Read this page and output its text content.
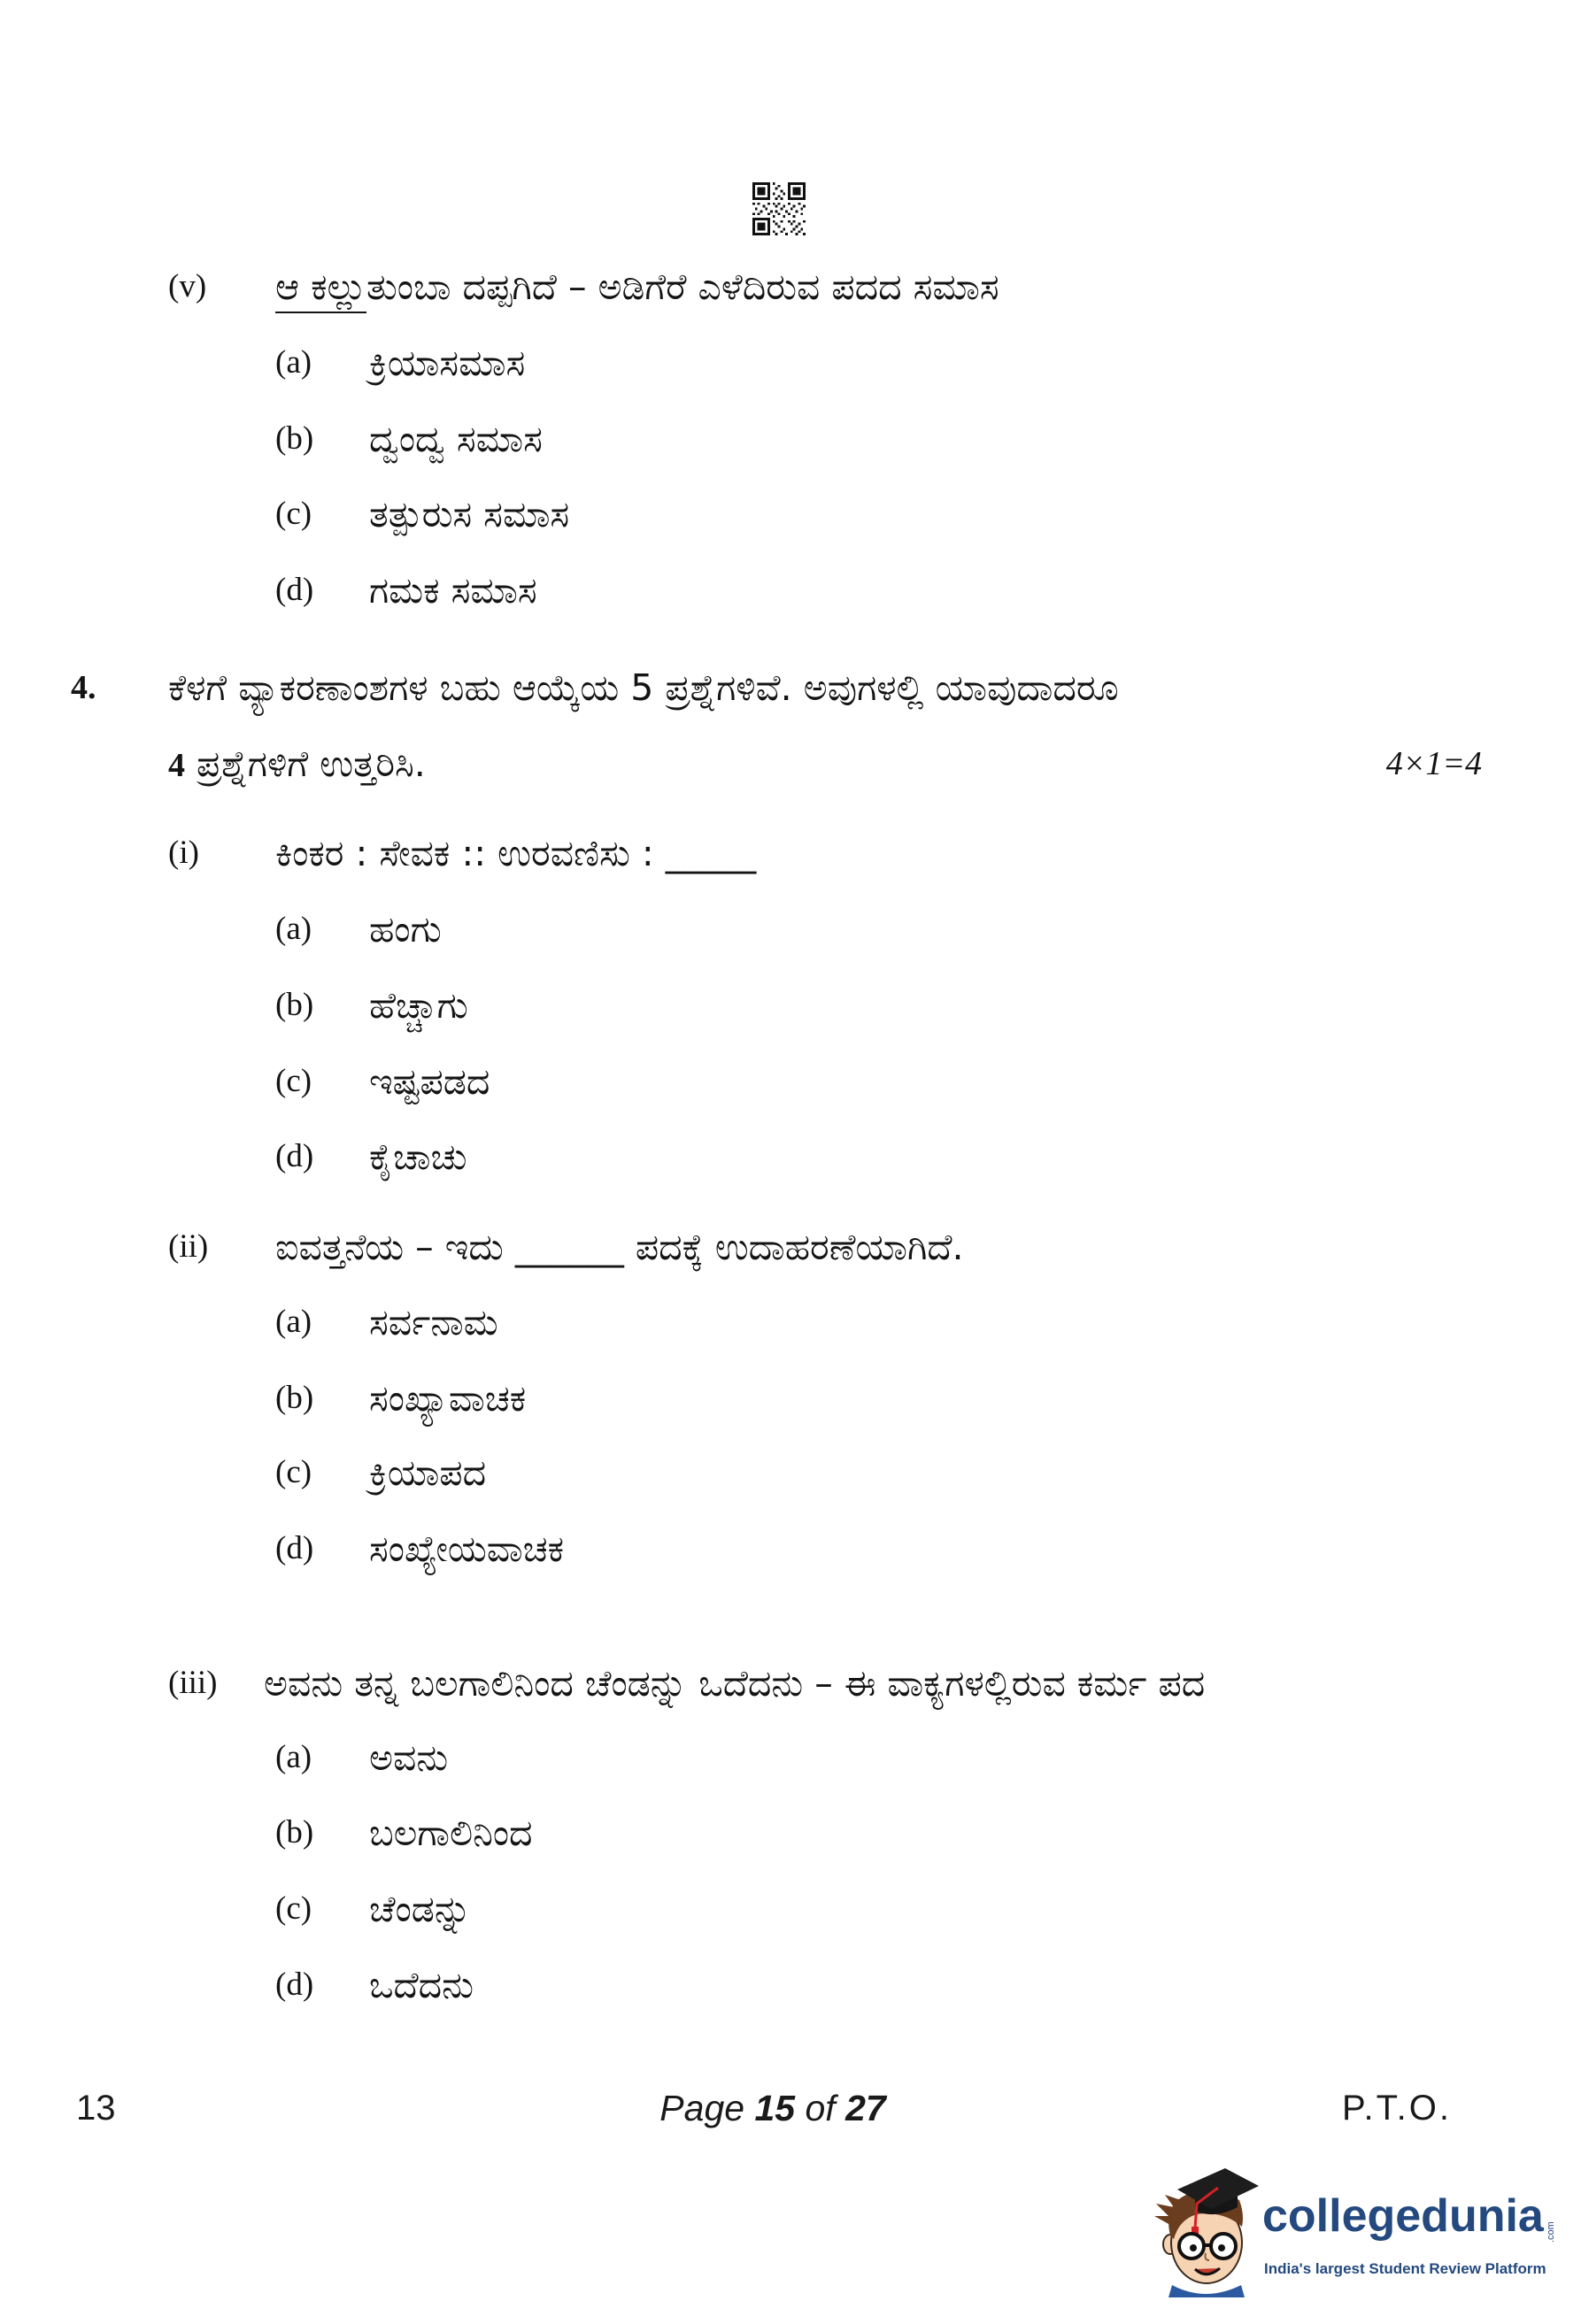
(v) ಆ ಕಲ್ಲುತುಂಬಾ ದಪ್ಪಗಿದೆ – ಅಡಿಗೆರೆ ಎಳೆದಿರುವ ಪದದ ಸಮಾಸ
(a) ಕ್ರಿಯಾಸಮಾಸ
(b) ದ್ವಂದ್ವ ಸಮಾಸ
(c) ತತ್ಪುರುಸ ಸಮಾಸ
(d) ಗಮಕ ಸಮಾಸ
4. ಕೆಳಗೆ ವ್ಯಾಕರಣಾಂಶಗಳ ಬಹು ಆಯ್ಕೆಯ 5 ಪ್ರಶ್ನೆಗಳಿವೆ. ಅವುಗಳಲ್ಲಿ ಯಾವುದಾದರೂ
4 ಪ್ರಶ್ನೆಗಳಿಗೆ ಉತ್ತರಿಸಿ.	4×1=4
(i) ಕಿಂಕರ : ಸೇವಕ :: ಉರವಣಿಸು : _____
(a) ಹಂಗು
(b) ಹೆಚ್ಚಾಗು
(c) ಇಷ್ಟಪಡದ
(d) ಕೈಚಾಚು
(ii) ಐವತ್ತನೆಯ – ಇದು ______ ಪದಕ್ಕೆ ಉದಾಹರಣೆಯಾಗಿದೆ.
(a) ಸರ್ವನಾಮ
(b) ಸಂಖ್ಯಾವಾಚಕ
(c) ಕ್ರಿಯಾಪದ
(d) ಸಂಖ್ಯೇಯವಾಚಕ
(iii) ಅವನು ತನ್ನ ಬಲಗಾಲಿನಿಂದ ಚೆಂಡನ್ನು ಒದೆದನು – ಈ ವಾಕ್ಯಗಳಲ್ಲಿರುವ ಕರ್ಮ ಪದ
(a) ಅವನು
(b) ಬಲಗಾಲಿನಿಂದ
(c) ಚೆಂಡನ್ನು
(d) ಒದೆದನು
13	Page 15 of 27	P.T.O.
collegedunia .com
India's largest Student Review Platform
